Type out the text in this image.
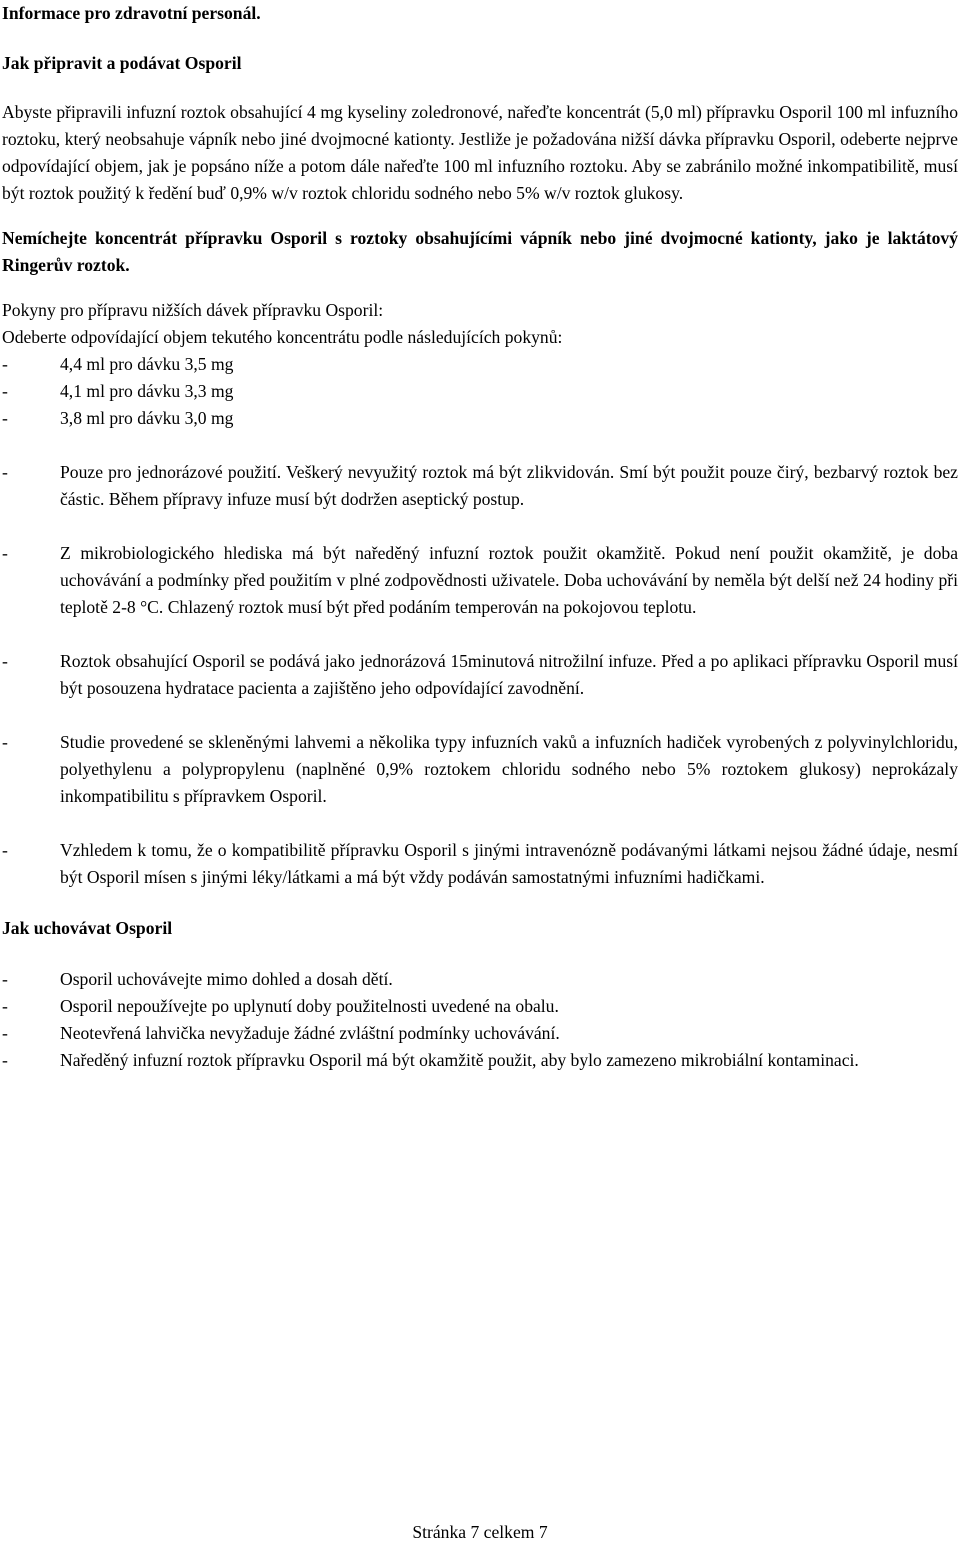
Informace pro zdravotní personál.
Jak připravit a podávat Osporil

Abyste připravili infuzní roztok obsahující 4 mg kyseliny zoledronové, nařeďte koncentrát (5,0 ml) přípravku Osporil 100 ml infuzního roztoku, který neobsahuje vápník nebo jiné dvojmocné kationty. Jestliže je požadována nižší dávka přípravku Osporil, odeberte nejprve odpovídající objem, jak je popsáno níže a potom dále nařeďte 100 ml infuzního roztoku. Aby se zabránilo možné inkompatibilitě, musí být roztok použitý k ředění buď 0,9% w/v roztok chloridu sodného nebo 5% w/v roztok glukosy.

Nemíchejte koncentrát přípravku Osporil s roztoky obsahujícími vápník nebo jiné dvojmocné kationty, jako je laktátový Ringerův roztok.

Pokyny pro přípravu nižších dávek přípravku Osporil:

Odeberte odpovídající objem tekutého koncentrátu podle následujících pokynů:

- 4,4 ml pro dávku 3,5 mg
- 4,1 ml pro dávku 3,3 mg
- 3,8 ml pro dávku 3,0 mg
- Pouze pro jednorázové použití. Veškerý nevyužitý roztok má být zlikvidován. Smí být použit pouze čirý, bezbarvý roztok bez částic. Během přípravy infuze musí být dodržen aseptický postup.
- Z mikrobiologického hlediska má být naředěný infuzní roztok použit okamžitě. Pokud není použit okamžitě, je doba uchovávání a podmínky před použitím v plné zodpovědnosti uživatele. Doba uchovávání by neměla být delší než 24 hodiny při teplotě 2-8 °C. Chlazený roztok musí být před podáním temperován na pokojovou teplotu.
- Roztok obsahující Osporil se podává jako jednorázová 15minutová nitrožilní infuze. Před a po aplikaci přípravku Osporil musí být posouzena hydratace pacienta a zajištěno jeho odpovídající zavodnění.
- Studie provedené se skleněnými lahvemi a několika typy infuzních vaků a infuzních hadiček vyrobených z polyvinylchloridu, polyethylenu a polypropylenu (naplněné 0,9% roztokem chloridu sodného nebo 5% roztokem glukosy) neprokázaly inkompatibilitu s přípravkem Osporil.
- Vzhledem k tomu, že o kompatibilitě přípravku Osporil s jinými intravenózně podávanými látkami nejsou žádné údaje, nesmí být Osporil mísen s jinými léky/látkami a má být vždy podáván samostatnými infuzními hadičkami.
Jak uchovávat Osporil
- Osporil uchovávejte mimo dohled a dosah dětí.
- Osporil nepoužívejte po uplynutí doby použitelnosti uvedené na obalu.
- Neotevřená lahvička nevyžaduje žádné zvláštní podmínky uchovávání.
- Naředěný infuzní roztok přípravku Osporil má být okamžitě použit, aby bylo zamezeno mikrobiální kontaminaci.
Stránka 7 celkem 7
